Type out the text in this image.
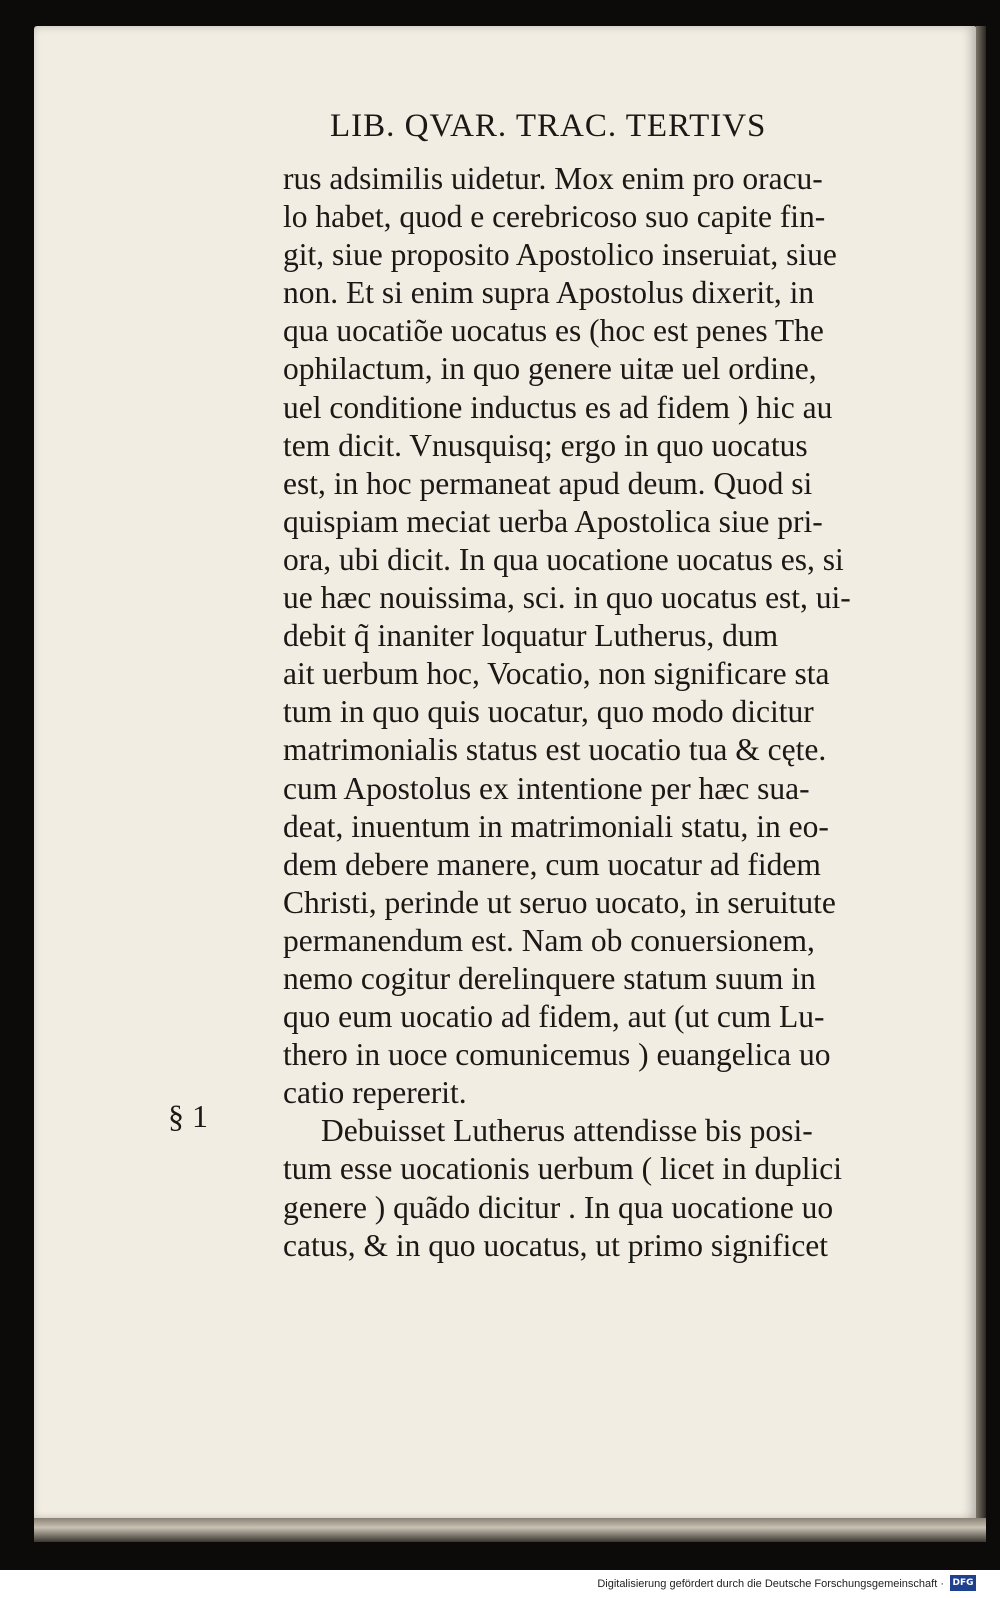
LIB. QVAR. TRAC. TERTIVS
§ 1
rus adsimilis uidetur. Mox enim pro oracu-
lo habet, quod e cerebricoso suo capite fin-
git, siue proposito Apostolico inseruiat, siue
non. Et si enim supra Apostolus dixerit, in
qua uocatiõe uocatus es (hoc est penes The
ophilactum, in quo genere uitæ uel ordine,
uel conditione inductus es ad fidem ) hic au
tem dicit. Vnusquisq; ergo in quo uocatus
est, in hoc permaneat apud deum. Quod si
quispiam meciat uerba Apostolica siue pri-
ora, ubi dicit. In qua uocatione uocatus es, si
ue hæc nouissima, sci. in quo uocatus est, ui-
debit q̃ inaniter loquatur Lutherus, dum
ait uerbum hoc, Vocatio, non significare sta
tum in quo quis uocatur, quo modo dicitur
matrimonialis status est uocatio tua & cęte.
cum Apostolus ex intentione per hæc sua-
deat, inuentum in matrimoniali statu, in eo-
dem debere manere, cum uocatur ad fidem
Christi, perinde ut seruo uocato, in seruitute
permanendum est. Nam ob conuersionem,
nemo cogitur derelinquere statum suum in
quo eum uocatio ad fidem, aut (ut cum Lu-
thero in uoce comunicemus ) euangelica uo
catio repererit.
Debuisset Lutherus attendisse bis posi-
tum esse uocationis uerbum ( licet in duplici
genere ) quãdo dicitur . In qua uocatione uo
catus, & in quo uocatus, ut primo significet
Digitalisierung gefördert durch die Deutsche Forschungsgemeinschaft · DFG
